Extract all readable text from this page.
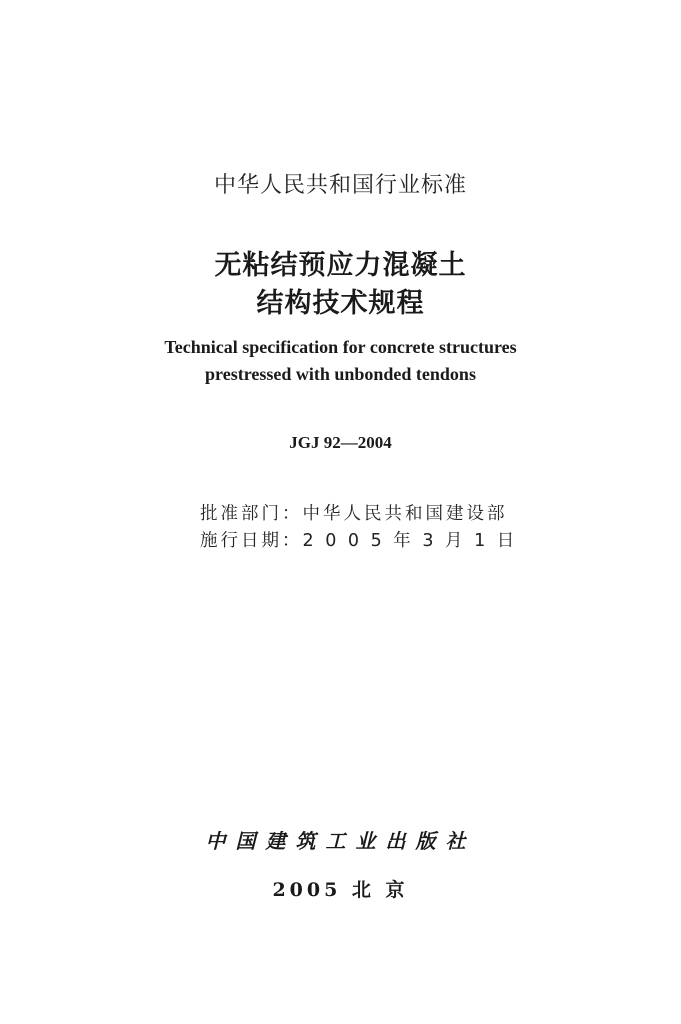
中华人民共和国行业标准
无粘结预应力混凝土
结构技术规程
Technical specification for concrete structures
prestressed with unbonded tendons
JGJ 92—2004
批准部门：中华人民共和国建设部
施行日期：2 0 0 5 年 3 月 1 日
中国建筑工业出版社
2005 北 京
